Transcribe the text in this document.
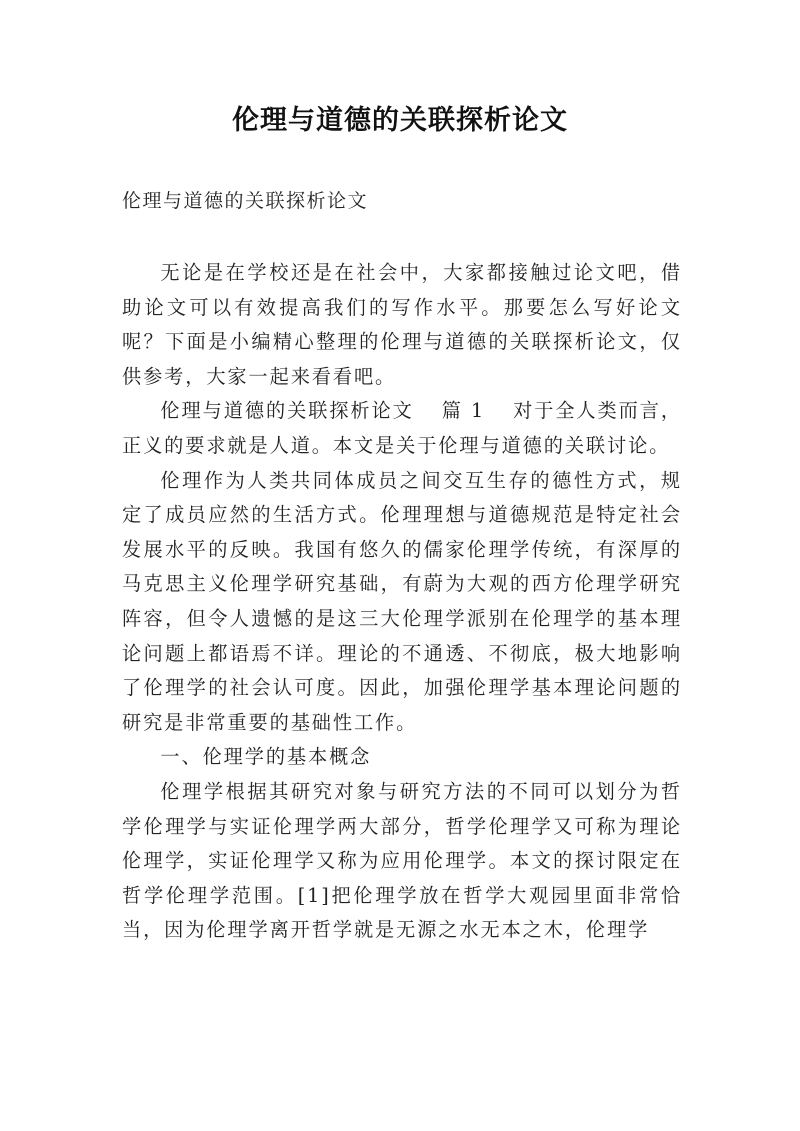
伦理与道德的关联探析论文
伦理与道德的关联探析论文

无论是在学校还是在社会中，大家都接触过论文吧，借助论文可以有效提高我们的写作水平。那要怎么写好论文呢？下面是小编精心整理的伦理与道德的关联探析论文，仅供参考，大家一起来看看吧。

伦理与道德的关联探析论文 篇 1 对于全人类而言，正义的要求就是人道。本文是关于伦理与道德的关联讨论。

伦理作为人类共同体成员之间交互生存的德性方式，规定了成员应然的生活方式。伦理理想与道德规范是特定社会发展水平的反映。我国有悠久的儒家伦理学传统，有深厚的马克思主义伦理学研究基础，有蔚为大观的西方伦理学研究阵容，但令人遗憾的是这三大伦理学派别在伦理学的基本理论问题上都语焉不详。理论的不通透、不彻底，极大地影响了伦理学的社会认可度。因此，加强伦理学基本理论问题的研究是非常重要的基础性工作。

一、伦理学的基本概念

伦理学根据其研究对象与研究方法的不同可以划分为哲学伦理学与实证伦理学两大部分，哲学伦理学又可称为理论伦理学，实证伦理学又称为应用伦理学。本文的探讨限定在哲学伦理学范围。[1]把伦理学放在哲学大观园里面非常恰当，因为伦理学离开哲学就是无源之水无本之木，伦理学
